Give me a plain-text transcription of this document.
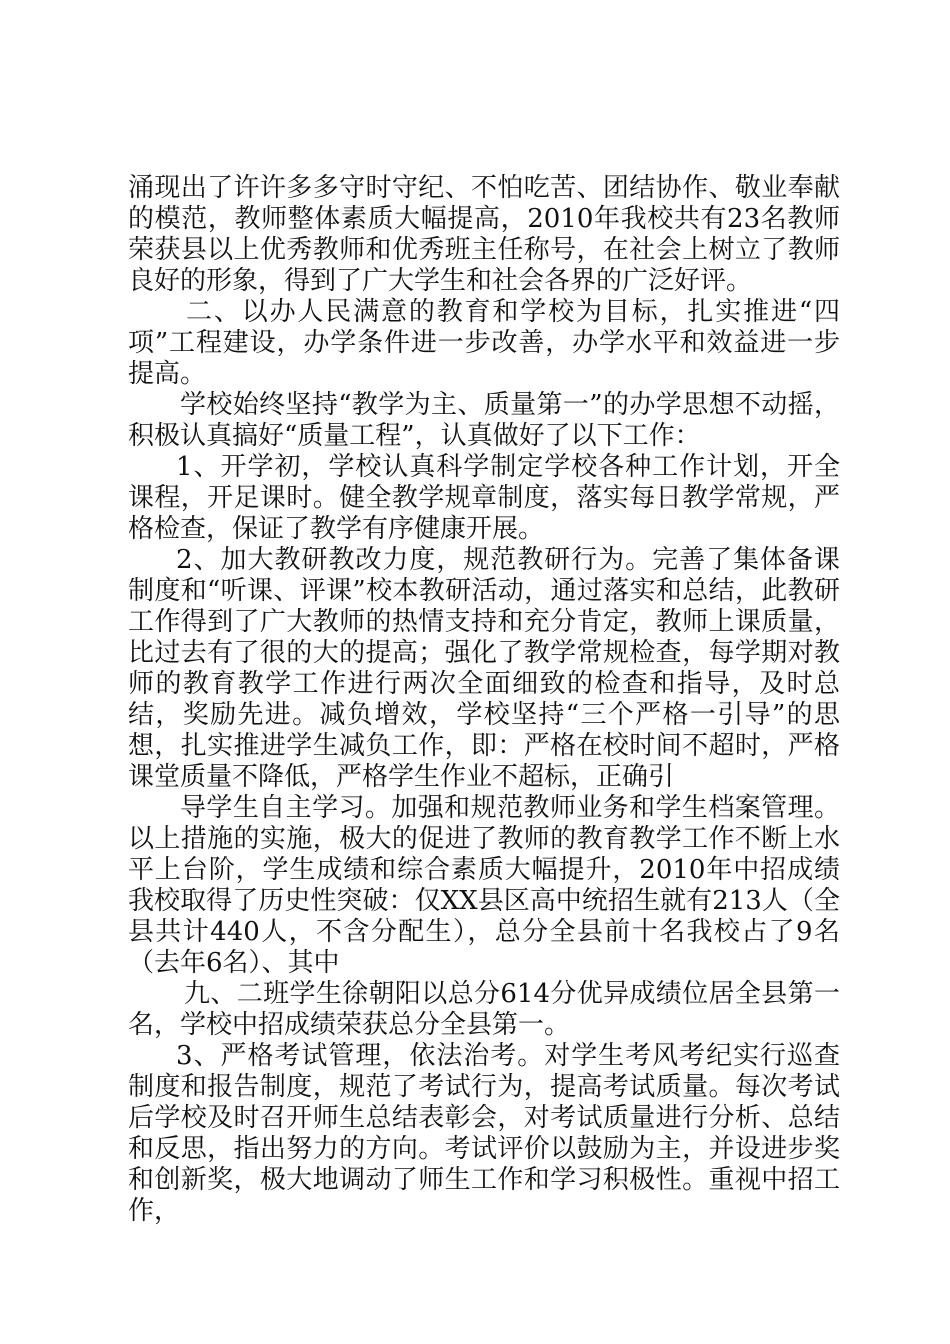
涌现出了许许多多守时守纪、不怕吃苦、团结协作、敬业奉献的模范，教师整体素质大幅提高，2010年我校共有23名教师荣获县以上优秀教师和优秀班主任称号，在社会上树立了教师良好的形象，得到了广大学生和社会各界的广泛好评。

二、以办人民满意的教育和学校为目标，扎实推进“四项”工程建设，办学条件进一步改善，办学水平和效益进一步提高。

学校始终坚持“教学为主、质量第一”的办学思想不动摇，积极认真搞好“质量工程”，认真做好了以下工作：

1、开学初，学校认真科学制定学校各种工作计划，开全课程，开足课时。健全教学规章制度，落实每日教学常规，严格检查，保证了教学有序健康开展。

2、加大教研教改力度，规范教研行为。完善了集体备课制度和“听课、评课”校本教研活动，通过落实和总结，此教研工作得到了广大教师的热情支持和充分肯定，教师上课质量，比过去有了很的大的提高；强化了教学常规检查，每学期对教师的教育教学工作进行两次全面细致的检查和指导，及时总结，奖励先进。减负增效，学校坚持“三个严格一引导”的思想，扎实推进学生减负工作，即：严格在校时间不超时，严格课堂质量不降低，严格学生作业不超标，正确引

导学生自主学习。加强和规范教师业务和学生档案管理。以上措施的实施，极大的促进了教师的教育教学工作不断上水平上台阶，学生成绩和综合素质大幅提升，2010年中招成绩我校取得了历史性突破：仅XX县区高中统招生就有213人（全县共计440人，不含分配生），总分全县前十名我校占了9名（去年6名）、其中

九、二班学生徐朝阳以总分614分优异成绩位居全县第一名，学校中招成绩荣获总分全县第一。

3、严格考试管理，依法治考。对学生考风考纪实行巡查制度和报告制度，规范了考试行为，提高考试质量。每次考试后学校及时召开师生总结表彰会，对考试质量进行分析、总结和反思，指出努力的方向。考试评价以鼓励为主，并设进步奖和创新奖，极大地调动了师生工作和学习积极性。重视中招工作，
